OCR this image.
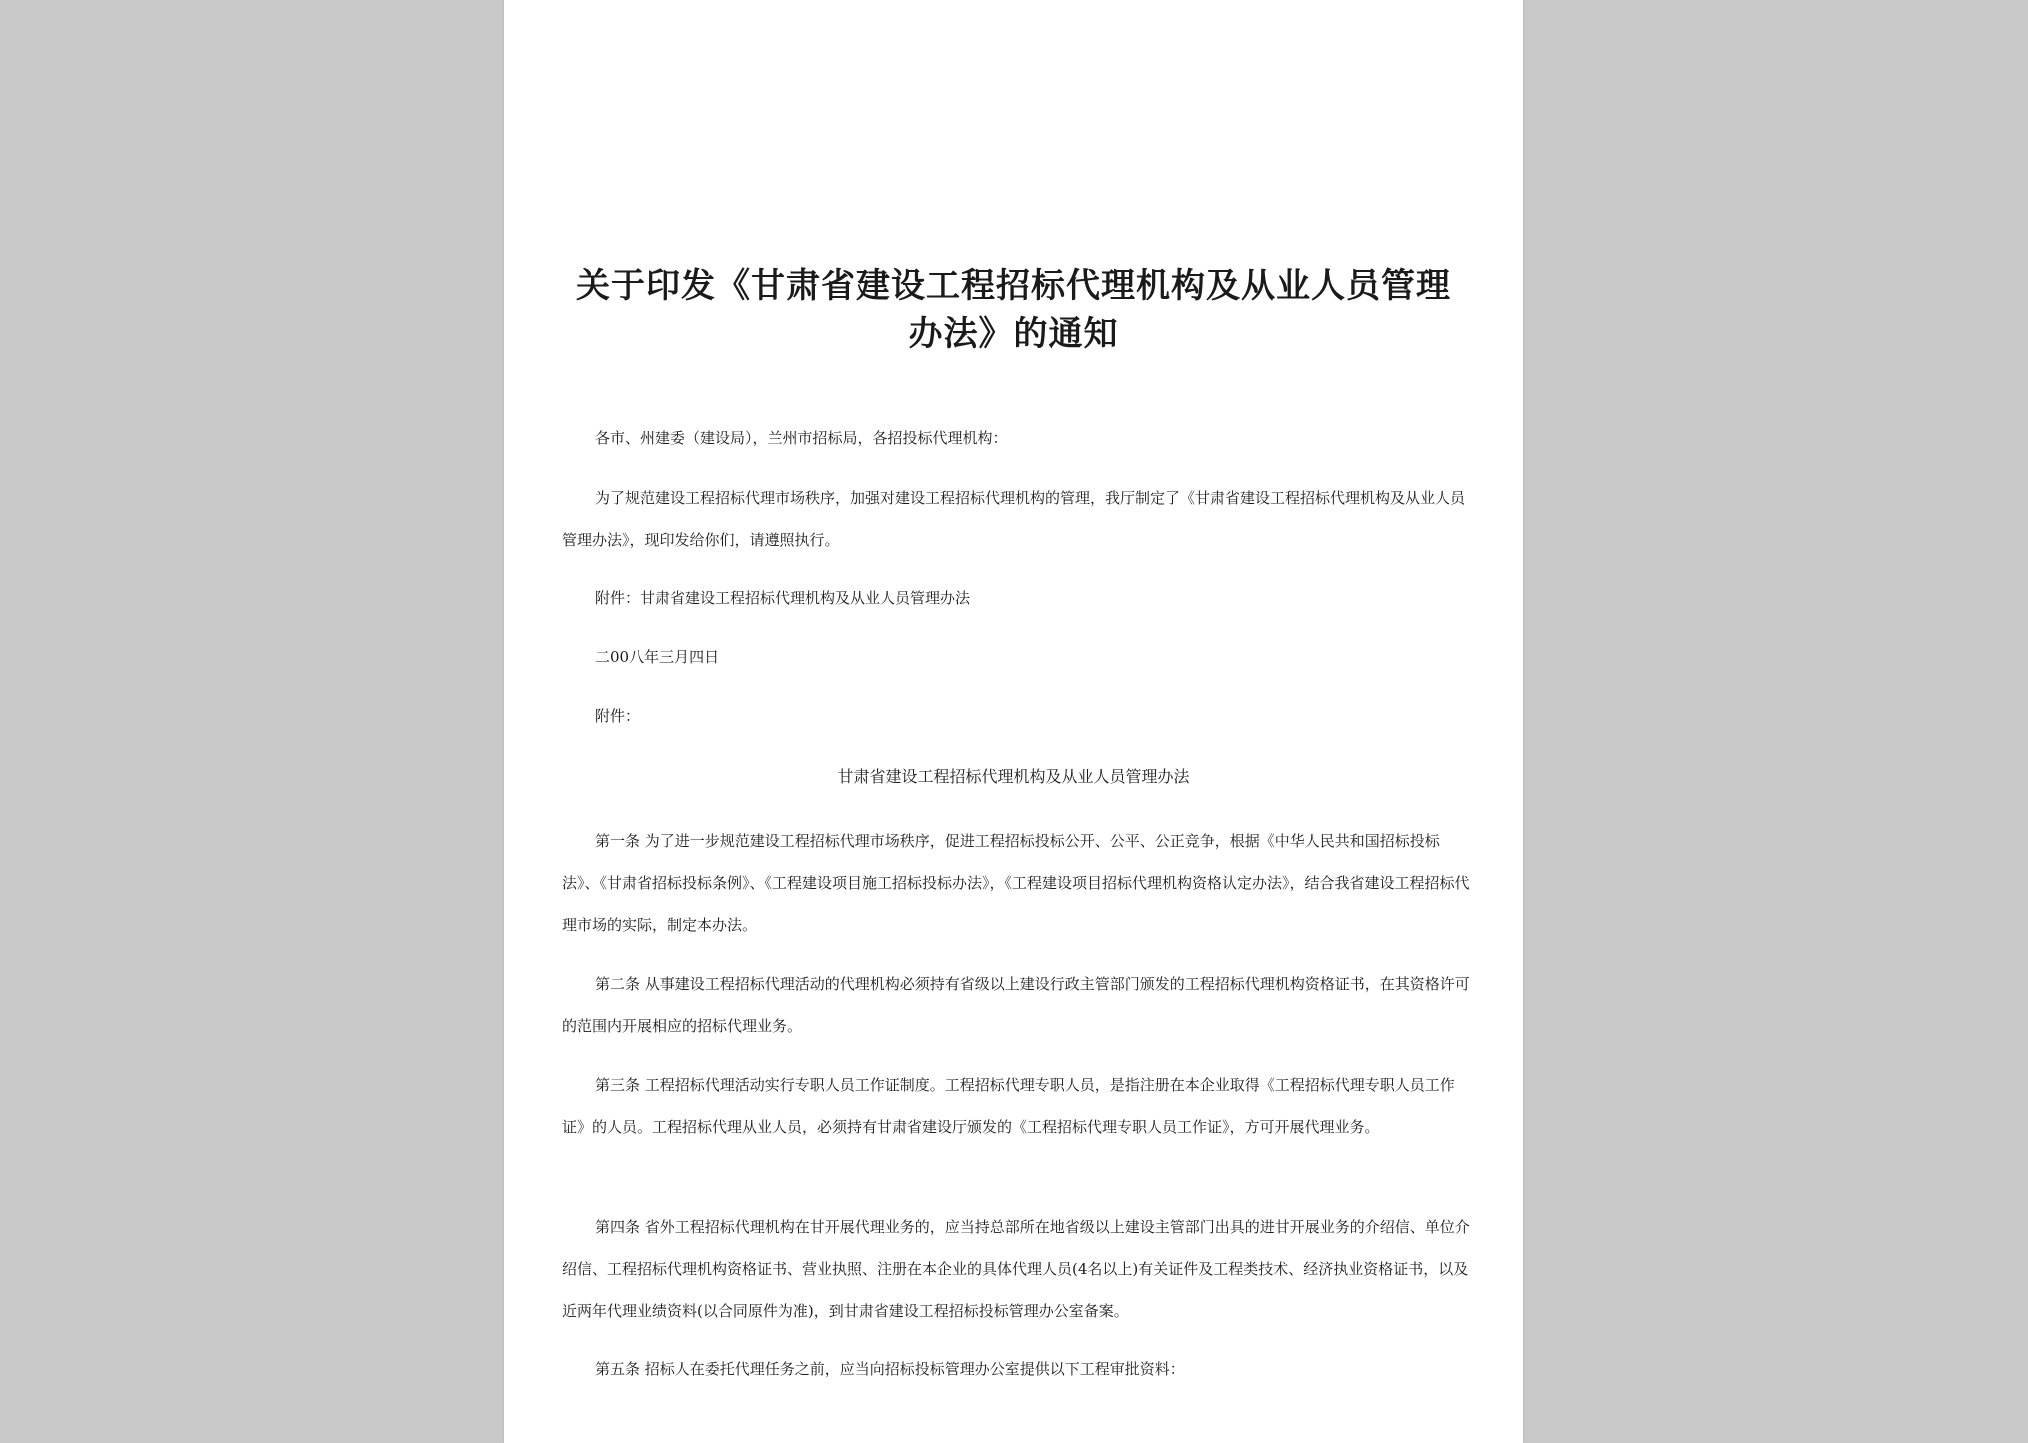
关于印发《甘肃省建设工程招标代理机构及从业人员管理办法》的通知

各市、州建委（建设局），兰州市招标局，各招投标代理机构：

为了规范建设工程招标代理市场秩序，加强对建设工程招标代理机构的管理，我厅制定了《甘肃省建设工程招标代理机构及从业人员管理办法》，现印发给你们，请遵照执行。

附件：甘肃省建设工程招标代理机构及从业人员管理办法

二00八年三月四日

附件：

甘肃省建设工程招标代理机构及从业人员管理办法

第一条 为了进一步规范建设工程招标代理市场秩序，促进工程招标投标公开、公平、公正竞争，根据《中华人民共和国招标投标法》、《甘肃省招标投标条例》、《工程建设项目施工招标投标办法》，《工程建设项目招标代理机构资格认定办法》，结合我省建设工程招标代理市场的实际，制定本办法。

第二条 从事建设工程招标代理活动的代理机构必须持有省级以上建设行政主管部门颁发的工程招标代理机构资格证书，在其资格许可的范围内开展相应的招标代理业务。

第三条 工程招标代理活动实行专职人员工作证制度。工程招标代理专职人员，是指注册在本企业取得《工程招标代理专职人员工作证》的人员。工程招标代理从业人员，必须持有甘肃省建设厅颁发的《工程招标代理专职人员工作证》，方可开展代理业务。

第四条 省外工程招标代理机构在甘开展代理业务的，应当持总部所在地省级以上建设主管部门出具的进甘开展业务的介绍信、单位介绍信、工程招标代理机构资格证书、营业执照、注册在本企业的具体代理人员(4名以上)有关证件及工程类技术、经济执业资格证书，以及近两年代理业绩资料(以合同原件为准)，到甘肃省建设工程招标投标管理办公室备案。

第五条 招标人在委托代理任务之前，应当向招标投标管理办公室提供以下工程审批资料：
